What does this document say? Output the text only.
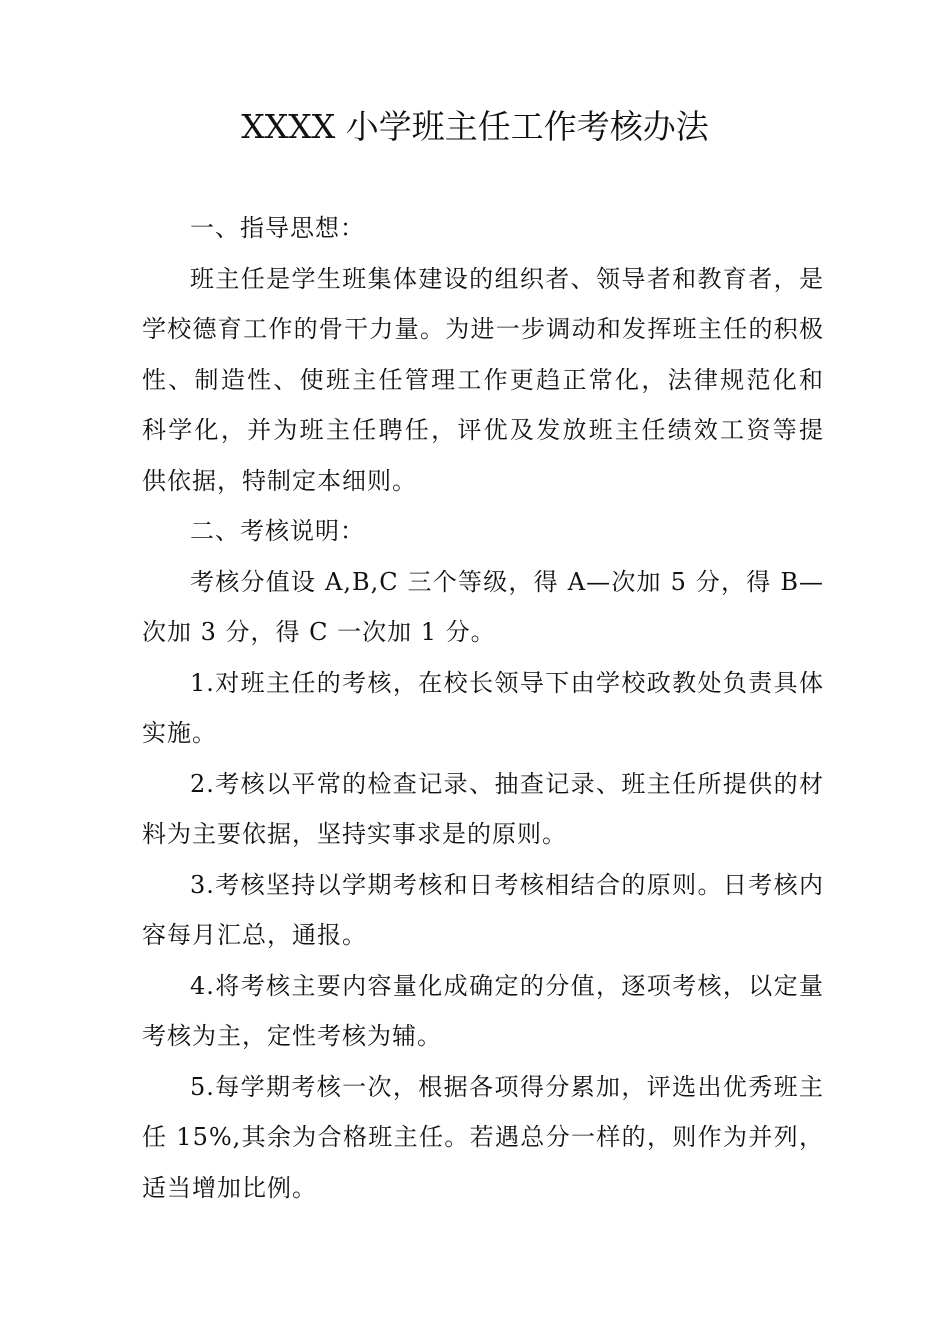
XXXX 小学班主任工作考核办法

一、指导思想：

班主任是学生班集体建设的组织者、领导者和教育者，是学校德育工作的骨干力量。为进一步调动和发挥班主任的积极性、制造性、使班主任管理工作更趋正常化，法律规范化和 科学化，并为班主任聘任，评优及发放班主任绩效工资等提 供依据，特制定本细则。

二、考核说明：

考核分值设 A,B,C 三个等级，得 A—次加 5 分，得 B—次加 3 分，得 C 一次加 1 分。

1.对班主任的考核，在校长领导下由学校政教处负责具体实施。

2.考核以平常的检查记录、抽查记录、班主任所提供的材料为主要依据，坚持实事求是的原则。

3.考核坚持以学期考核和日考核相结合的原则。日考核内容每月汇总，通报。

4.将考核主要内容量化成确定的分值，逐项考核，以定量考核为主，定性考核为辅。

5.每学期考核一次，根据各项得分累加，评选出优秀班主任 15%,其余为合格班主任。若遇总分一样的，则作为并列，适当增加比例。
